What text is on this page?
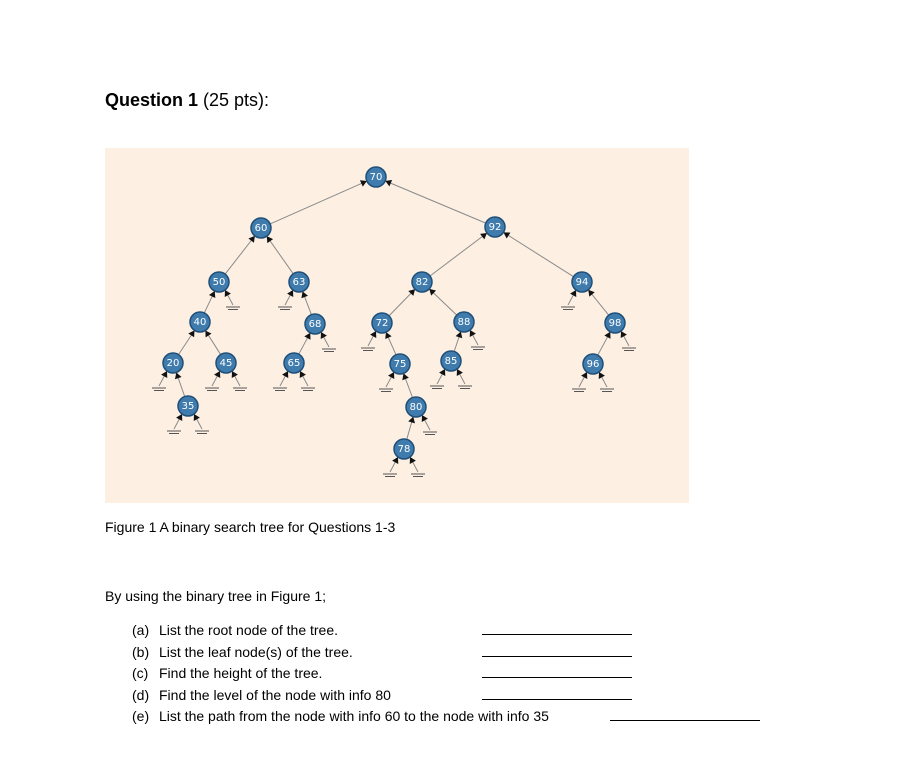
Question 1 (25 pts):
70
60	92
50	63	82	94
40	68	72	88	98
20	45	65	75	85	96
35	80
78
Figure 1 A binary search tree for Questions 1-3
By using the binary tree in Figure 1;
(a) List the root node of the tree.
(b) List the leaf node(s) of the tree.
(c) Find the height of the tree.
(d) Find the level of the node with info 80
(e) List the path from the node with info 60 to the node with info 35
